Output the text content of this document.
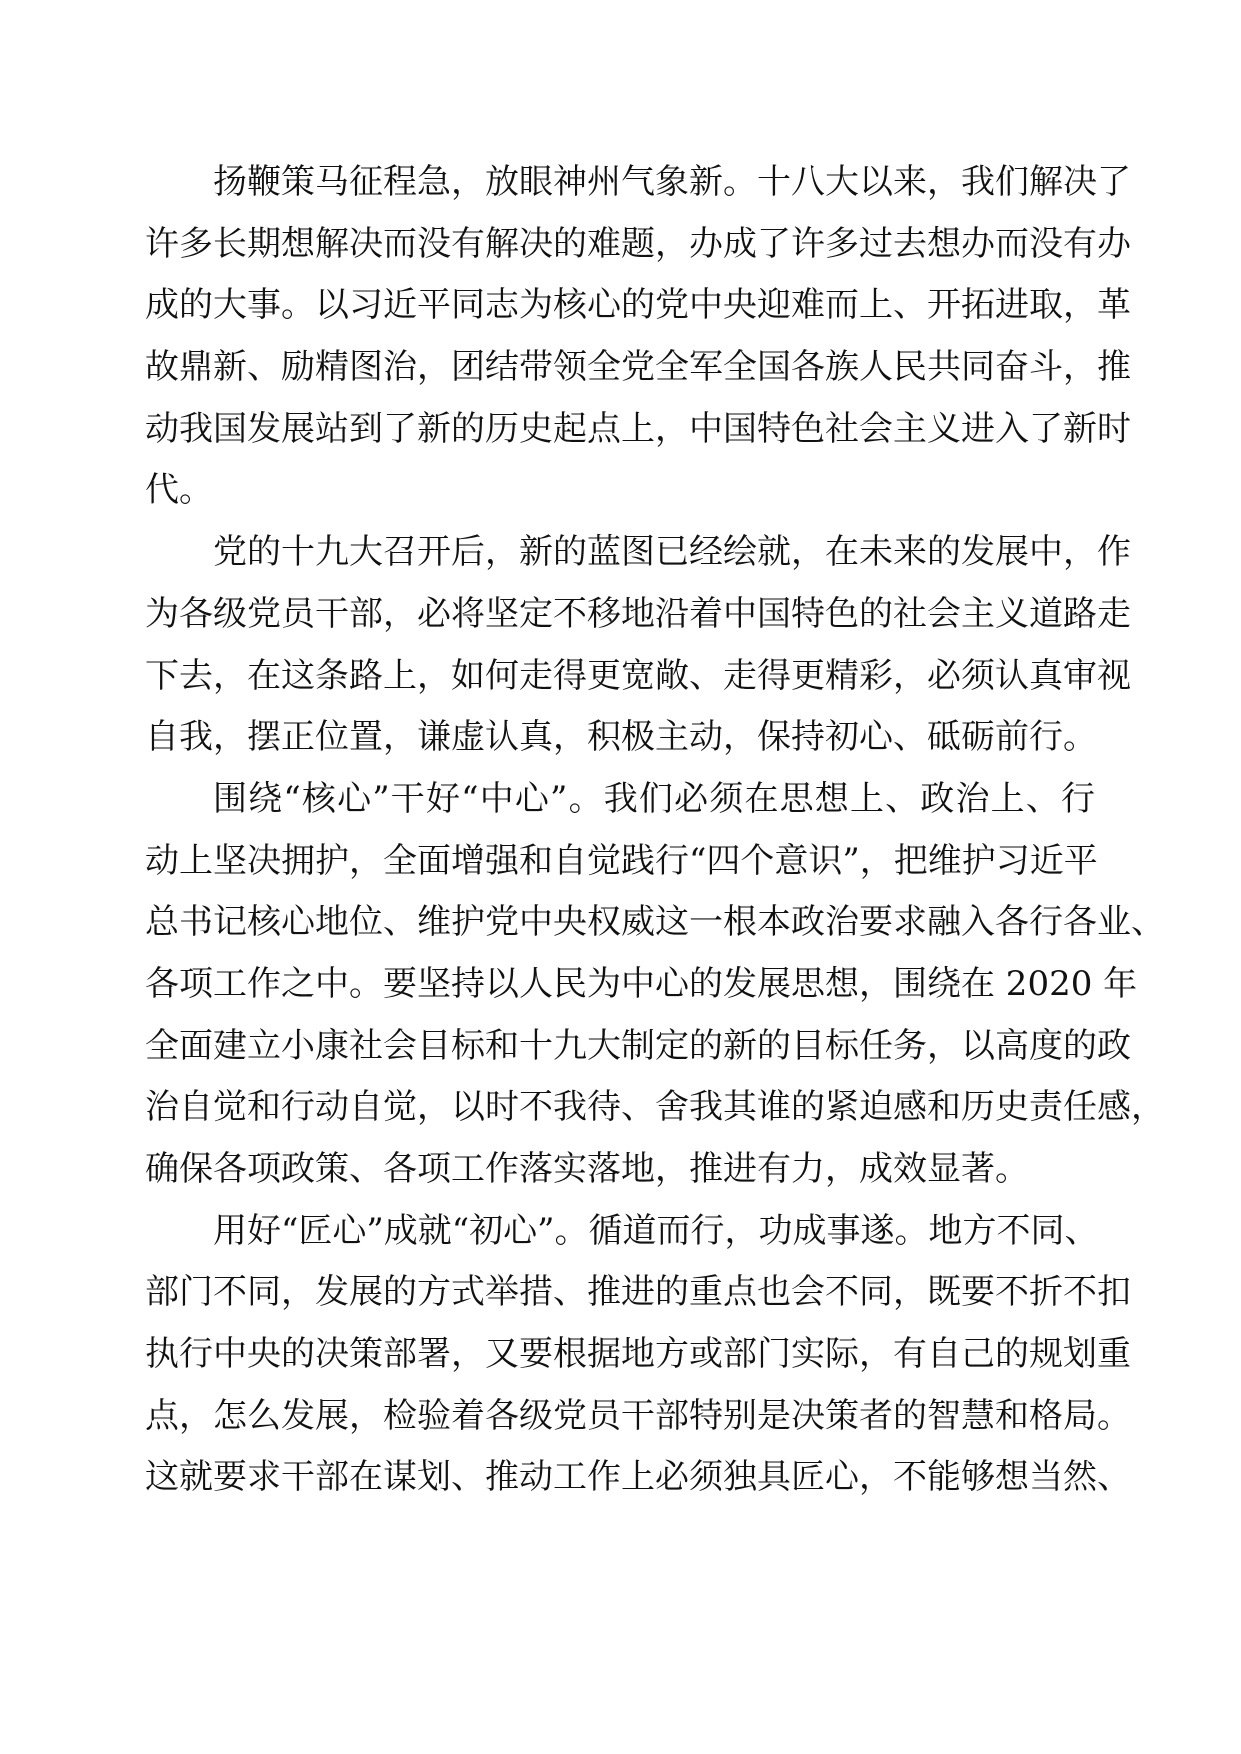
扬鞭策马征程急，放眼神州气象新。十八大以来，我们解决了
许多长期想解决而没有解决的难题，办成了许多过去想办而没有办
成的大事。以习近平同志为核心的党中央迎难而上、开拓进取，革
故鼎新、励精图治，团结带领全党全军全国各族人民共同奋斗，推
动我国发展站到了新的历史起点上，中国特色社会主义进入了新时
代。
党的十九大召开后，新的蓝图已经绘就，在未来的发展中，作
为各级党员干部，必将坚定不移地沿着中国特色的社会主义道路走
下去，在这条路上，如何走得更宽敞、走得更精彩，必须认真审视
自我，摆正位置，谦虚认真，积极主动，保持初心、砥砺前行。
围绕“核心”干好“中心”。我们必须在思想上、政治上、行
动上坚决拥护，全面增强和自觉践行“四个意识”，把维护习近平
总书记核心地位、维护党中央权威这一根本政治要求融入各行各业、
各项工作之中。要坚持以人民为中心的发展思想，围绕在 2020 年
全面建立小康社会目标和十九大制定的新的目标任务，以高度的政
治自觉和行动自觉，以时不我待、舍我其谁的紧迫感和历史责任感，
确保各项政策、各项工作落实落地，推进有力，成效显著。
用好“匠心”成就“初心”。循道而行，功成事遂。地方不同、
部门不同，发展的方式举措、推进的重点也会不同，既要不折不扣
执行中央的决策部署，又要根据地方或部门实际，有自己的规划重
点，怎么发展，检验着各级党员干部特别是决策者的智慧和格局。
这就要求干部在谋划、推动工作上必须独具匠心，不能够想当然、
